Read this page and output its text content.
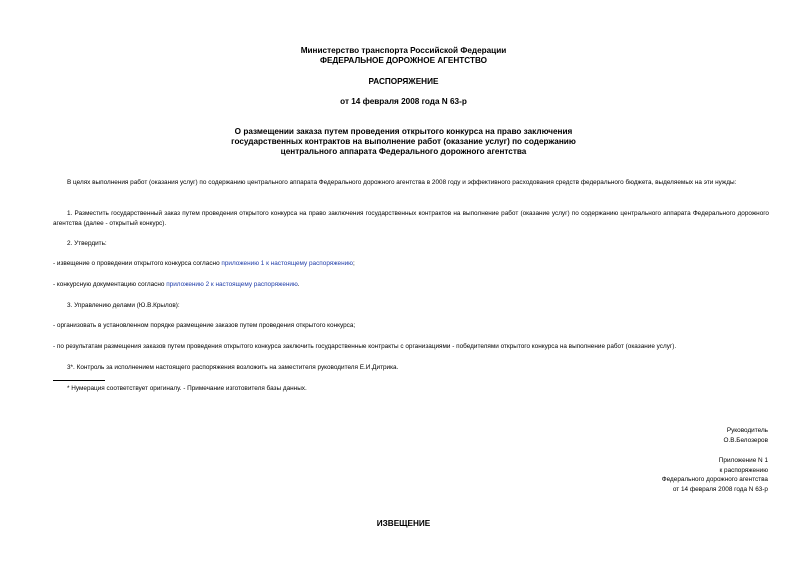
Министерство транспорта Российской Федерации
ФЕДЕРАЛЬНОЕ ДОРОЖНОЕ АГЕНТСТВО
РАСПОРЯЖЕНИЕ
от 14 февраля 2008 года N 63-р
О размещении заказа путем проведения открытого конкурса на право заключения
государственных контрактов на выполнение работ (оказание услуг) по содержанию
центрального аппарата Федерального дорожного агентства
В целях выполнения работ (оказания услуг) по содержанию центрального аппарата Федерального дорожного агентства в 2008 году и эффективного расходования средств федерального бюджета, выделяемых на эти нужды:
1. Разместить государственный заказ путем проведения открытого конкурса на право заключения государственных контрактов на выполнение работ (оказание услуг) по содержанию центрального аппарата Федерального дорожного агентства (далее - открытый конкурс).
2. Утвердить:
- извещение о проведении открытого конкурса согласно приложению 1 к настоящему распоряжению;
- конкурсную документацию согласно приложению 2 к настоящему распоряжению.
3. Управлению делами (Ю.В.Крылов):
- организовать в установленном порядке размещение заказов путем проведения открытого конкурса;
- по результатам размещения заказов путем проведения открытого конкурса заключить государственные контракты с организациями - победителями открытого конкурса на выполнение работ (оказание услуг).
3*. Контроль за исполнением настоящего распоряжения возложить на заместителя руководителя Е.И.Дитрика.
* Нумерация соответствует оригиналу. - Примечание изготовителя базы данных.
Руководитель
О.В.Белозеров
Приложение N 1
к распоряжению
Федерального дорожного агентства
от 14 февраля 2008 года N 63-р
ИЗВЕЩЕНИЕ
